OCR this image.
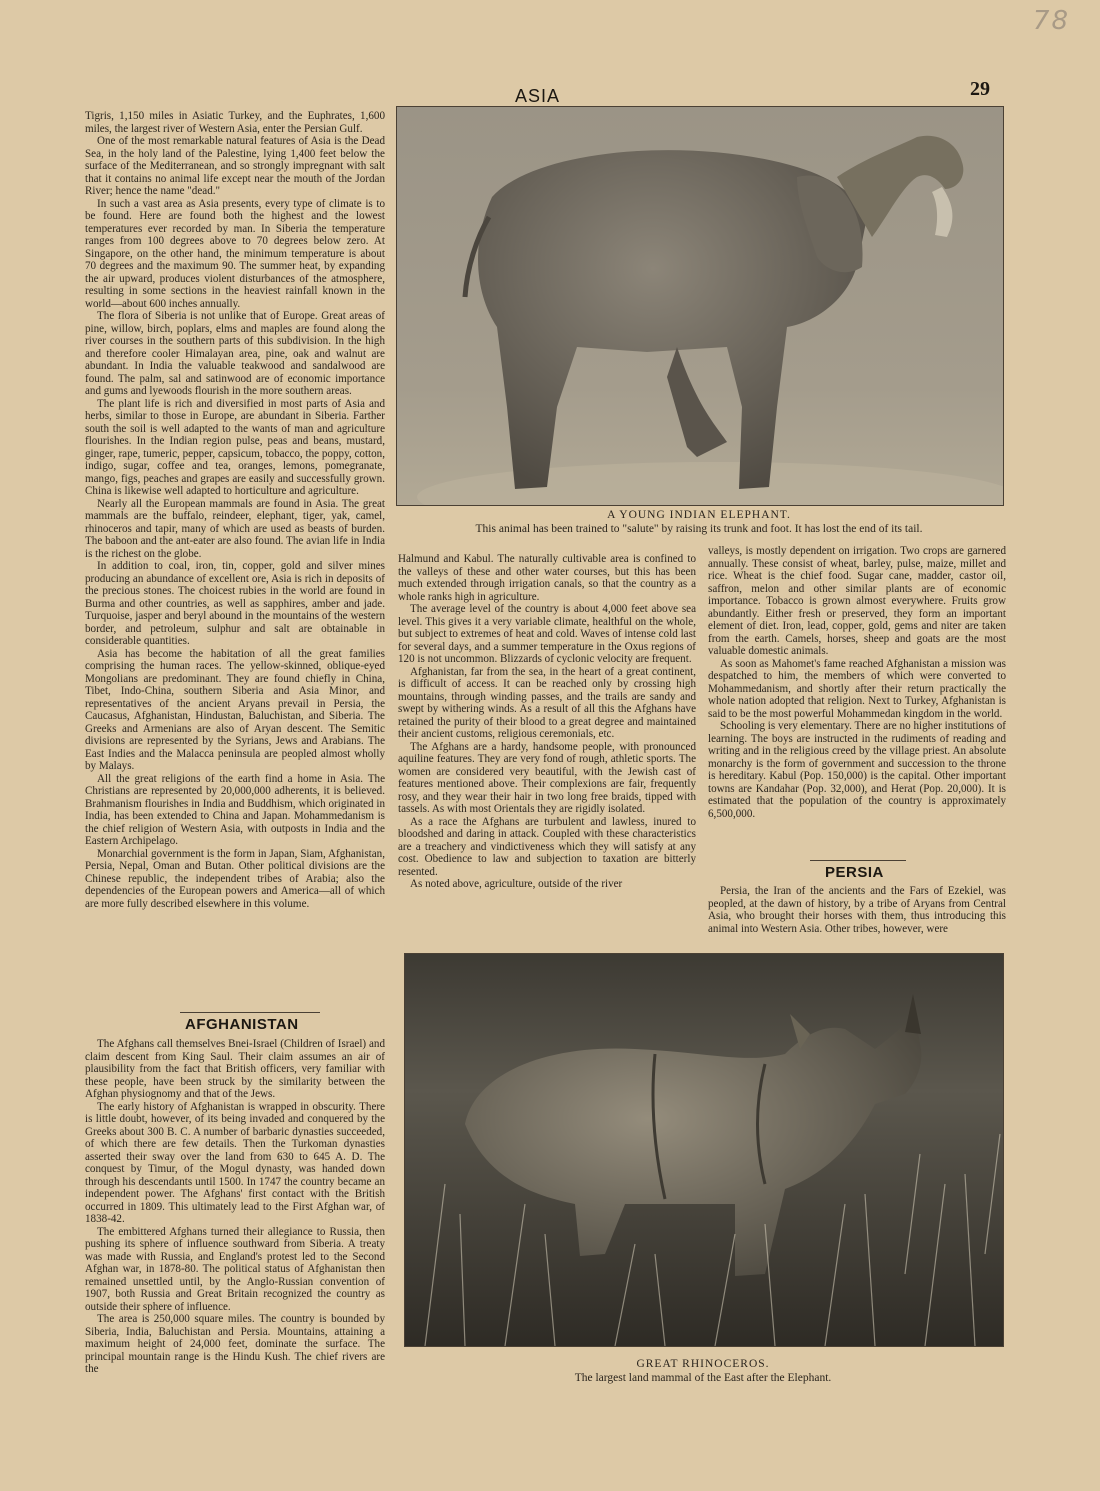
78
ASIA	29

Tigris, 1,150 miles in Asiatic Turkey, and the Euphrates, 1,600 miles, the largest river of Western Asia, enter the Persian Gulf.

One of the most remarkable natural features of Asia is the Dead Sea, in the holy land of the Palestine, lying 1,400 feet below the surface of the Mediterranean, and so strongly impregnant with salt that it contains no animal life except near the mouth of the Jordan River; hence the name "dead."

In such a vast area as Asia presents, every type of climate is to be found. Here are found both the highest and the lowest temperatures ever recorded by man. In Siberia the temperature ranges from 100 degrees above to 70 degrees below zero. At Singapore, on the other hand, the minimum temperature is about 70 degrees and the maximum 90. The summer heat, by expanding the air upward, produces violent disturbances of the atmosphere, resulting in some sections in the heaviest rainfall known in the world—about 600 inches annually.

The flora of Siberia is not unlike that of Europe. Great areas of pine, willow, birch, poplars, elms and maples are found along the river courses in the southern parts of this subdivision. In the high and therefore cooler Himalayan area, pine, oak and walnut are abundant. In India the valuable teakwood and sandalwood are found. The palm, sal and satinwood are of economic importance and gums and lyewoods flourish in the more southern areas.

The plant life is rich and diversified in most parts of Asia and herbs, similar to those in Europe, are abundant in Siberia. Farther south the soil is well adapted to the wants of man and agriculture flourishes. In the Indian region pulse, peas and beans, mustard, ginger, rape, tumeric, pepper, capsicum, tobacco, the poppy, cotton, indigo, sugar, coffee and tea, oranges, lemons, pomegranate, mango, figs, peaches and grapes are easily and successfully grown. China is likewise well adapted to horticulture and agriculture.

Nearly all the European mammals are found in Asia. The great mammals are the buffalo, reindeer, elephant, tiger, yak, camel, rhinoceros and tapir, many of which are used as beasts of burden. The baboon and the ant-eater are also found. The avian life in India is the richest on the globe.

In addition to coal, iron, tin, copper, gold and silver mines producing an abundance of excellent ore, Asia is rich in deposits of the precious stones. The choicest rubies in the world are found in Burma and other countries, as well as sapphires, amber and jade. Turquoise, jasper and beryl abound in the mountains of the western border, and petroleum, sulphur and salt are obtainable in considerable quantities.

Asia has become the habitation of all the great families comprising the human races. The yellow-skinned, oblique-eyed Mongolians are predominant. They are found chiefly in China, Tibet, Indo-China, southern Siberia and Asia Minor, and representatives of the ancient Aryans prevail in Persia, the Caucasus, Afghanistan, Hindustan, Baluchistan, and Siberia. The Greeks and Armenians are also of Aryan descent. The Semitic divisions are represented by the Syrians, Jews and Arabians. The East Indies and the Malacca peninsula are peopled almost wholly by Malays.

All the great religions of the earth find a home in Asia. The Christians are represented by 20,000,000 adherents, it is believed. Brahmanism flourishes in India and Buddhism, which originated in India, has been extended to China and Japan. Mohammedanism is the chief religion of Western Asia, with outposts in India and the Eastern Archipelago.

Monarchial government is the form in Japan, Siam, Afghanistan, Persia, Nepal, Oman and Butan. Other political divisions are the Chinese republic, the independent tribes of Arabia; also the dependencies of the European powers and America—all of which are more fully described elsewhere in this volume.

AFGHANISTAN

The Afghans call themselves Bnei-Israel (Children of Israel) and claim descent from King Saul. Their claim assumes an air of plausibility from the fact that British officers, very familiar with these people, have been struck by the similarity between the Afghan physiognomy and that of the Jews.

The early history of Afghanistan is wrapped in obscurity. There is little doubt, however, of its being invaded and conquered by the Greeks about 300 B. C. A number of barbaric dynasties succeeded, of which there are few details. Then the Turkoman dynasties asserted their sway over the land from 630 to 645 A. D. The conquest by Timur, of the Mogul dynasty, was handed down through his descendants until 1500. In 1747 the country became an independent power. The Afghans' first contact with the British occurred in 1809. This ultimately lead to the First Afghan war, of 1838-42.

The embittered Afghans turned their allegiance to Russia, then pushing its sphere of influence southward from Siberia. A treaty was made with Russia, and England's protest led to the Second Afghan war, in 1878-80. The political status of Afghanistan then remained unsettled until, by the Anglo-Russian convention of 1907, both Russia and Great Britain recognized the country as outside their sphere of influence.

The area is 250,000 square miles. The country is bounded by Siberia, India, Baluchistan and Persia. Mountains, attaining a maximum height of 24,000 feet, dominate the surface. The principal mountain range is the Hindu Kush. The chief rivers are the

A YOUNG INDIAN ELEPHANT.
This animal has been trained to "salute" by raising its trunk and foot. It has lost the end of its tail.

Halmund and Kabul. The naturally cultivable area is confined to the valleys of these and other water courses, but this has been much extended through irrigation canals, so that the country as a whole ranks high in agriculture.

The average level of the country is about 4,000 feet above sea level. This gives it a very variable climate, healthful on the whole, but subject to extremes of heat and cold. Waves of intense cold last for several days, and a summer temperature in the Oxus regions of 120 is not uncommon. Blizzards of cyclonic velocity are frequent.

Afghanistan, far from the sea, in the heart of a great continent, is difficult of access. It can be reached only by crossing high mountains, through winding passes, and the trails are sandy and swept by withering winds. As a result of all this the Afghans have retained the purity of their blood to a great degree and maintained their ancient customs, religious ceremonials, etc.

The Afghans are a hardy, handsome people, with pronounced aquiline features. They are very fond of rough, athletic sports. The women are considered very beautiful, with the Jewish cast of features mentioned above. Their complexions are fair, frequently rosy, and they wear their hair in two long free braids, tipped with tassels. As with most Orientals they are rigidly isolated.

As a race the Afghans are turbulent and lawless, inured to bloodshed and daring in attack. Coupled with these characteristics are a treachery and vindictiveness which they will satisfy at any cost. Obedience to law and subjection to taxation are bitterly resented.

As noted above, agriculture, outside of the river

valleys, is mostly dependent on irrigation. Two crops are garnered annually. These consist of wheat, barley, pulse, maize, millet and rice. Wheat is the chief food. Sugar cane, madder, castor oil, saffron, melon and other similar plants are of economic importance. Tobacco is grown almost everywhere. Fruits grow abundantly. Either fresh or preserved, they form an important element of diet. Iron, lead, copper, gold, gems and niter are taken from the earth. Camels, horses, sheep and goats are the most valuable domestic animals.

As soon as Mahomet's fame reached Afghanistan a mission was despatched to him, the members of which were converted to Mohammedanism, and shortly after their return practically the whole nation adopted that religion. Next to Turkey, Afghanistan is said to be the most powerful Mohammedan kingdom in the world.

Schooling is very elementary. There are no higher institutions of learning. The boys are instructed in the rudiments of reading and writing and in the religious creed by the village priest. An absolute monarchy is the form of government and succession to the throne is hereditary. Kabul (Pop. 150,000) is the capital. Other important towns are Kandahar (Pop. 32,000), and Herat (Pop. 20,000). It is estimated that the population of the country is approximately 6,500,000.

PERSIA

Persia, the Iran of the ancients and the Fars of Ezekiel, was peopled, at the dawn of history, by a tribe of Aryans from Central Asia, who brought their horses with them, thus introducing this animal into Western Asia. Other tribes, however, were

GREAT RHINOCEROS.
The largest land mammal of the East after the Elephant.
